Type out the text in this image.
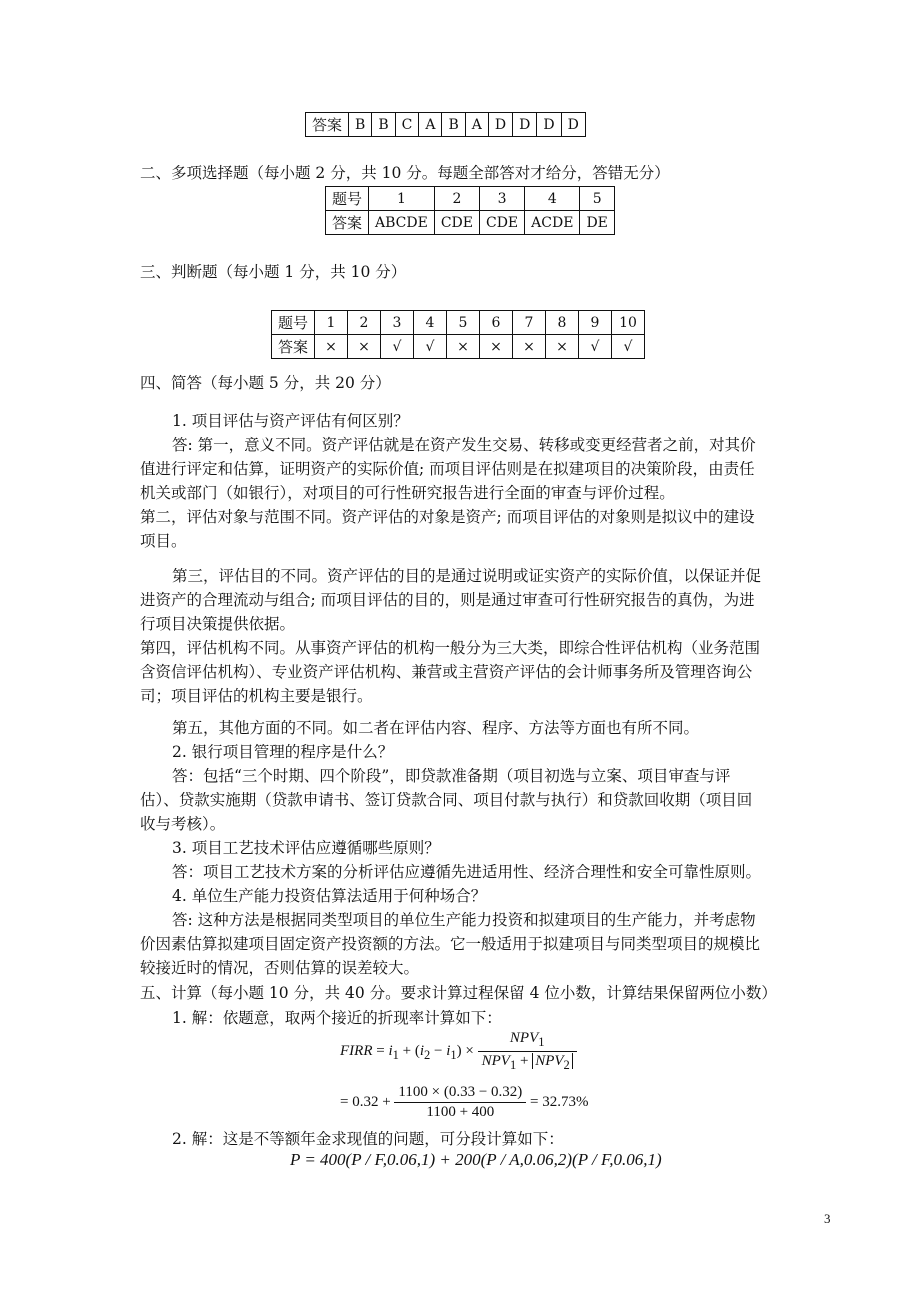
答案	B	B	C	A	B	A	D	D	D	D
二、多项选择题（每小题 2 分，共 10 分。每题全部答对才给分，答错无分）
题号	1	2	3	4	5
答案	ABCDE	CDE	CDE	ACDE	DE
三、判断题（每小题 1 分，共 10 分）
题号	1	2	3	4	5	6	7	8	9	10
答案	×	×	√	√	×	×	×	×	√	√
四、简答（每小题 5 分，共 20 分）
1. 项目评估与资产评估有何区别？
答: 第一，意义不同。资产评估就是在资产发生交易、转移或变更经营者之前，对其价
值进行评定和估算，证明资产的实际价值; 而项目评估则是在拟建项目的决策阶段，由责任
机关或部门（如银行），对项目的可行性研究报告进行全面的审查与评价过程。
第二，评估对象与范围不同。资产评估的对象是资产; 而项目评估的对象则是拟议中的建设
项目。
第三，评估目的不同。资产评估的目的是通过说明或证实资产的实际价值，以保证并促
进资产的合理流动与组合; 而项目评估的目的，则是通过审查可行性研究报告的真伪，为进
行项目决策提供依据。
第四，评估机构不同。从事资产评估的机构一般分为三大类，即综合性评估机构（业务范围
含资信评估机构）、专业资产评估机构、兼营或主营资产评估的会计师事务所及管理咨询公
司；项目评估的机构主要是银行。
第五，其他方面的不同。如二者在评估内容、程序、方法等方面也有所不同。
2. 银行项目管理的程序是什么？
答：包括“三个时期、四个阶段”，即贷款准备期（项目初选与立案、项目审查与评
估）、贷款实施期（贷款申请书、签订贷款合同、项目付款与执行）和贷款回收期（项目回
收与考核）。
3. 项目工艺技术评估应遵循哪些原则？
答：项目工艺技术方案的分析评估应遵循先进适用性、经济合理性和安全可靠性原则。
4. 单位生产能力投资估算法适用于何种场合？
答: 这种方法是根据同类型项目的单位生产能力投资和拟建项目的生产能力，并考虑物
价因素估算拟建项目固定资产投资额的方法。它一般适用于拟建项目与同类型项目的规模比
较接近时的情况，否则估算的误差较大。
五、计算（每小题 10 分，共 40 分。要求计算过程保留 4 位小数，计算结果保留两位小数）
1. 解：依题意，取两个接近的折现率计算如下：
FIRR = $i_1 + (i_2 - i_1) \times \frac{NPV_1}{NPV_1 + NPV_2}$
= $0.32 + \frac{1100 \times (0.33 - 0.32)}{1100 + 400} = 32.73\%$
2. 解：这是不等额年金求现值的问题，可分段计算如下：
P = 400(P / F,0.06,1) + 200(P / A,0.06,2)(P / F,0.06,1)
3
